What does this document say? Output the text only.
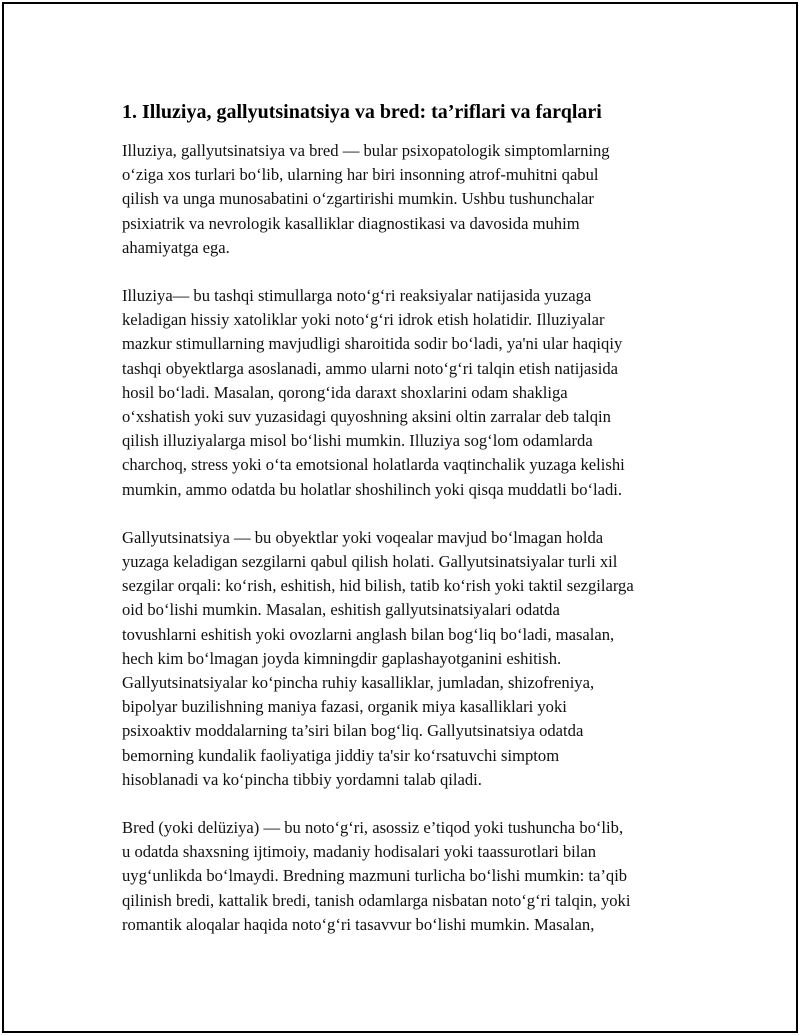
1. Illuziya, gallyutsinatsiya va bred: ta’riflari va farqlari

Illuziya, gallyutsinatsiya va bred — bular psixopatologik simptomlarning
o‘ziga xos turlari bo‘lib, ularning har biri insonning atrof-muhitni qabul
qilish va unga munosabatini o‘zgartirishi mumkin. Ushbu tushunchalar
psixiatrik va nevrologik kasalliklar diagnostikasi va davosida muhim
ahamiyatga ega.

Illuziya— bu tashqi stimullarga noto‘g‘ri reaksiyalar natijasida yuzaga
keladigan hissiy xatoliklar yoki noto‘g‘ri idrok etish holatidir. Illuziyalar
mazkur stimullarning mavjudligi sharoitida sodir bo‘ladi, ya'ni ular haqiqiy
tashqi obyektlarga asoslanadi, ammo ularni noto‘g‘ri talqin etish natijasida
hosil bo‘ladi. Masalan, qorong‘ida daraxt shoxlarini odam shakliga
o‘xshatish yoki suv yuzasidagi quyoshning aksini oltin zarralar deb talqin
qilish illuziyalarga misol bo‘lishi mumkin. Illuziya sog‘lom odamlarda
charchoq, stress yoki o‘ta emotsional holatlarda vaqtinchalik yuzaga kelishi
mumkin, ammo odatda bu holatlar shoshilinch yoki qisqa muddatli bo‘ladi.

Gallyutsinatsiya — bu obyektlar yoki voqealar mavjud bo‘lmagan holda
yuzaga keladigan sezgilarni qabul qilish holati. Gallyutsinatsiyalar turli xil
sezgilar orqali: ko‘rish, eshitish, hid bilish, tatib ko‘rish yoki taktil sezgilarga
oid bo‘lishi mumkin. Masalan, eshitish gallyutsinatsiyalari odatda
tovushlarni eshitish yoki ovozlarni anglash bilan bog‘liq bo‘ladi, masalan,
hech kim bo‘lmagan joyda kimningdir gaplashayotganini eshitish.
Gallyutsinatsiyalar ko‘pincha ruhiy kasalliklar, jumladan, shizofreniya,
bipolyar buzilishning maniya fazasi, organik miya kasalliklari yoki
psixoaktiv moddalarning ta’siri bilan bog‘liq. Gallyutsinatsiya odatda
bemorning kundalik faoliyatiga jiddiy ta'sir ko‘rsatuvchi simptom
hisoblanadi va ko‘pincha tibbiy yordamni talab qiladi.

Bred (yoki delüziya) — bu noto‘g‘ri, asossiz e’tiqod yoki tushuncha bo‘lib,
u odatda shaxsning ijtimoiy, madaniy hodisalari yoki taassurotlari bilan
uyg‘unlikda bo‘lmaydi. Bredning mazmuni turlicha bo‘lishi mumkin: ta’qib
qilinish bredi, kattalik bredi, tanish odamlarga nisbatan noto‘g‘ri talqin, yoki
romantik aloqalar haqida noto‘g‘ri tasavvur bo‘lishi mumkin. Masalan,
